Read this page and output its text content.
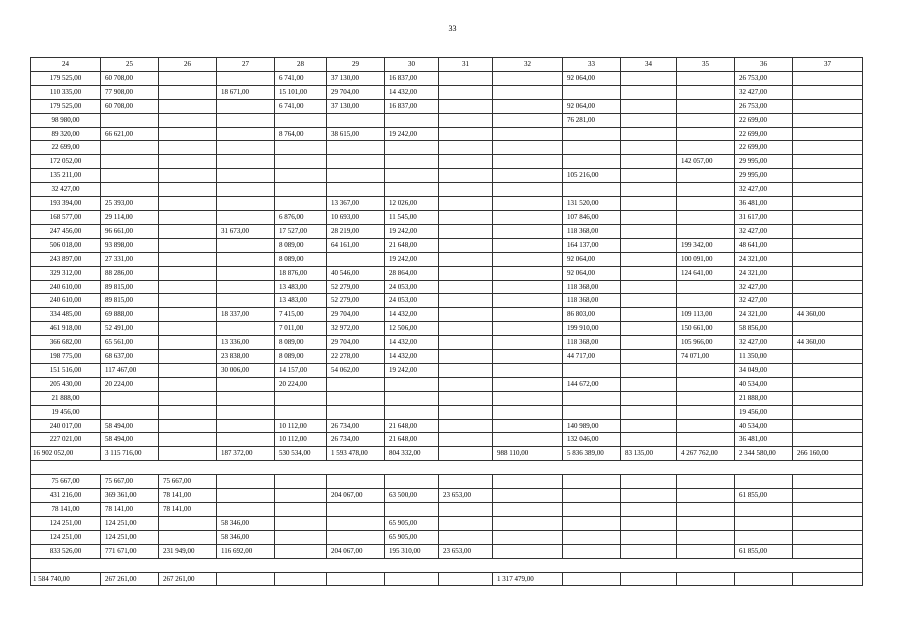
33
24	25	26	27	28	29	30	31	32	33	34	35	36	37
179 525,00	60 708,00			6 741,00	37 130,00	16 837,00			92 064,00			26 753,00	
110 335,00	77 908,00		18 671,00	15 101,00	29 704,00	14 432,00						32 427,00	
179 525,00	60 708,00			6 741,00	37 130,00	16 837,00			92 064,00			26 753,00	
98 980,00									76 281,00			22 699,00	
89 320,00	66 621,00			8 764,00	38 615,00	19 242,00						22 699,00	
22 699,00												22 699,00	
172 052,00											142 057,00	29 995,00	
135 211,00									105 216,00			29 995,00	
32 427,00												32 427,00	
193 394,00	25 393,00				13 367,00	12 026,00			131 520,00			36 481,00	
168 577,00	29 114,00			6 876,00	10 693,00	11 545,00			107 846,00			31 617,00	
247 456,00	96 661,00		31 673,00	17 527,00	28 219,00	19 242,00			118 368,00			32 427,00	
506 018,00	93 898,00			8 089,00	64 161,00	21 648,00			164 137,00		199 342,00	48 641,00	
243 897,00	27 331,00			8 089,00		19 242,00			92 064,00		100 091,00	24 321,00	
329 312,00	88 286,00			18 876,00	40 546,00	28 864,00			92 064,00		124 641,00	24 321,00	
240 610,00	89 815,00			13 483,00	52 279,00	24 053,00			118 368,00			32 427,00	
240 610,00	89 815,00			13 483,00	52 279,00	24 053,00			118 368,00			32 427,00	
334 485,00	69 888,00		18 337,00	7 415,00	29 704,00	14 432,00			86 803,00		109 113,00	24 321,00	44 360,00
461 918,00	52 491,00			7 011,00	32 972,00	12 506,00			199 910,00		150 661,00	58 856,00	
366 682,00	65 561,00		13 336,00	8 089,00	29 704,00	14 432,00			118 368,00		105 966,00	32 427,00	44 360,00
198 775,00	68 637,00		23 838,00	8 089,00	22 278,00	14 432,00			44 717,00		74 071,00	11 350,00	
151 516,00	117 467,00		30 006,00	14 157,00	54 062,00	19 242,00						34 049,00	
205 430,00	20 224,00			20 224,00					144 672,00			40 534,00	
21 888,00												21 888,00	
19 456,00												19 456,00	
240 017,00	58 494,00			10 112,00	26 734,00	21 648,00			140 989,00			40 534,00	
227 021,00	58 494,00			10 112,00	26 734,00	21 648,00			132 046,00			36 481,00	
16 902 052,00	3 115 716,00		187 372,00	530 534,00	1 593 478,00	804 332,00		988 110,00	5 836 389,00	83 135,00	4 267 762,00	2 344 580,00	266 160,00

75 667,00	75 667,00	75 667,00											
431 216,00	369 361,00	78 141,00			204 067,00	63 500,00	23 653,00					61 855,00	
78 141,00	78 141,00	78 141,00											
124 251,00	124 251,00		58 346,00			65 905,00							
124 251,00	124 251,00		58 346,00			65 905,00							
833 526,00	771 671,00	231 949,00	116 692,00		204 067,00	195 310,00	23 653,00					61 855,00	

1 584 740,00	267 261,00	267 261,00						1 317 479,00					
